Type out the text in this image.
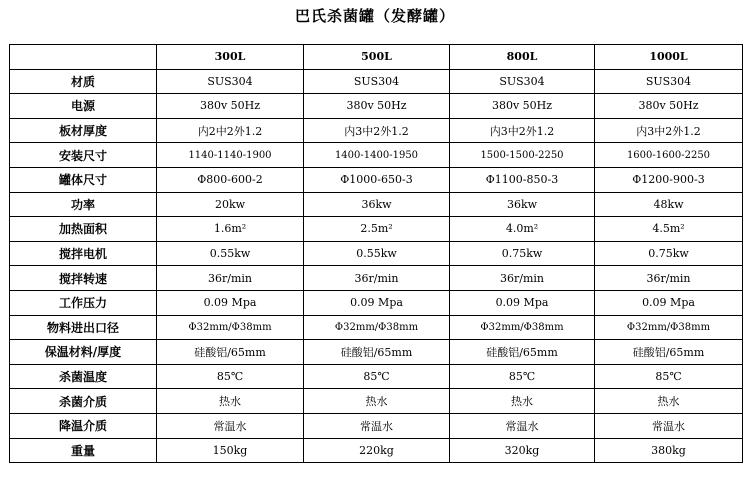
巴氏杀菌罐（发酵罐）
	300L	500L	800L	1000L
材质	SUS304	SUS304	SUS304	SUS304
电源	380v 50Hz	380v 50Hz	380v 50Hz	380v 50Hz
板材厚度	内2中2外1.2	内3中2外1.2	内3中2外1.2	内3中2外1.2
安装尺寸	1140-1140-1900	1400-1400-1950	1500-1500-2250	1600-1600-2250
罐体尺寸	Φ800-600-2	Φ1000-650-3	Φ1100-850-3	Φ1200-900-3
功率	20kw	36kw	36kw	48kw
加热面积	1.6m²	2.5m²	4.0m²	4.5m²
搅拌电机	0.55kw	0.55kw	0.75kw	0.75kw
搅拌转速	36r/min	36r/min	36r/min	36r/min
工作压力	0.09 Mpa	0.09 Mpa	0.09 Mpa	0.09 Mpa
物料进出口径	Φ32mm/Φ38mm	Φ32mm/Φ38mm	Φ32mm/Φ38mm	Φ32mm/Φ38mm
保温材料/厚度	硅酸铝/65mm	硅酸铝/65mm	硅酸铝/65mm	硅酸铝/65mm
杀菌温度	85℃	85℃	85℃	85℃
杀菌介质	热水	热水	热水	热水
降温介质	常温水	常温水	常温水	常温水
重量	150kg	220kg	320kg	380kg
